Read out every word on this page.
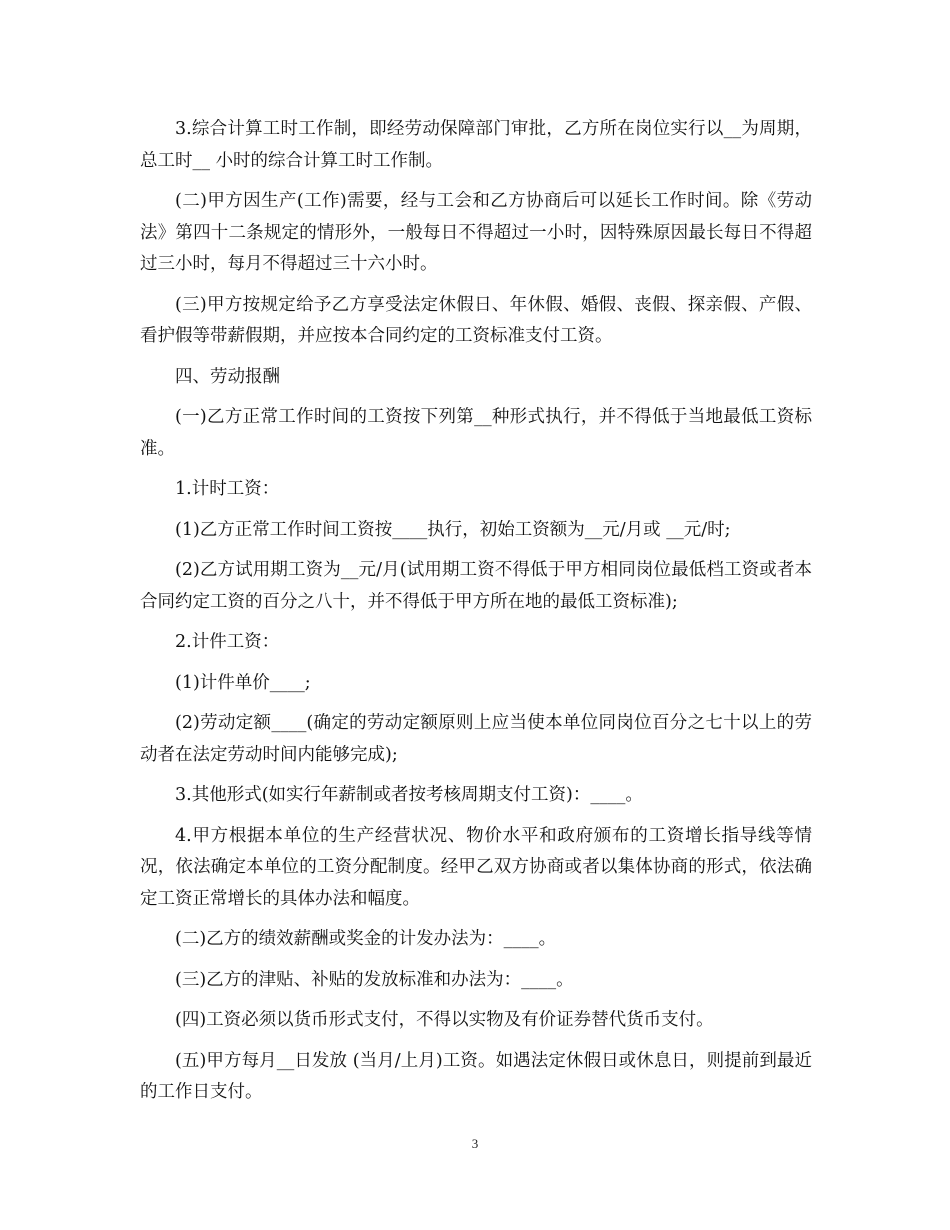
3.综合计算工时工作制，即经劳动保障部门审批，乙方所在岗位实行以__为周期，总工时__ 小时的综合计算工时工作制。

(二)甲方因生产(工作)需要，经与工会和乙方协商后可以延长工作时间。除《劳动法》第四十二条规定的情形外，一般每日不得超过一小时，因特殊原因最长每日不得超过三小时，每月不得超过三十六小时。

(三)甲方按规定给予乙方享受法定休假日、年休假、婚假、丧假、探亲假、产假、看护假等带薪假期，并应按本合同约定的工资标准支付工资。

四、劳动报酬

(一)乙方正常工作时间的工资按下列第__种形式执行，并不得低于当地最低工资标准。

1.计时工资：

(1)乙方正常工作时间工资按____执行，初始工资额为__元/月或 __元/时;

(2)乙方试用期工资为__元/月(试用期工资不得低于甲方相同岗位最低档工资或者本合同约定工资的百分之八十，并不得低于甲方所在地的最低工资标准);

2.计件工资：

(1)计件单价____;

(2)劳动定额____(确定的劳动定额原则上应当使本单位同岗位百分之七十以上的劳动者在法定劳动时间内能够完成);

3.其他形式(如实行年薪制或者按考核周期支付工资)：____。

4.甲方根据本单位的生产经营状况、物价水平和政府颁布的工资增长指导线等情况，依法确定本单位的工资分配制度。经甲乙双方协商或者以集体协商的形式，依法确定工资正常增长的具体办法和幅度。

(二)乙方的绩效薪酬或奖金的计发办法为：____。

(三)乙方的津贴、补贴的发放标准和办法为：____。

(四)工资必须以货币形式支付，不得以实物及有价证券替代货币支付。

(五)甲方每月__日发放 (当月/上月)工资。如遇法定休假日或休息日，则提前到最近的工作日支付。

3
